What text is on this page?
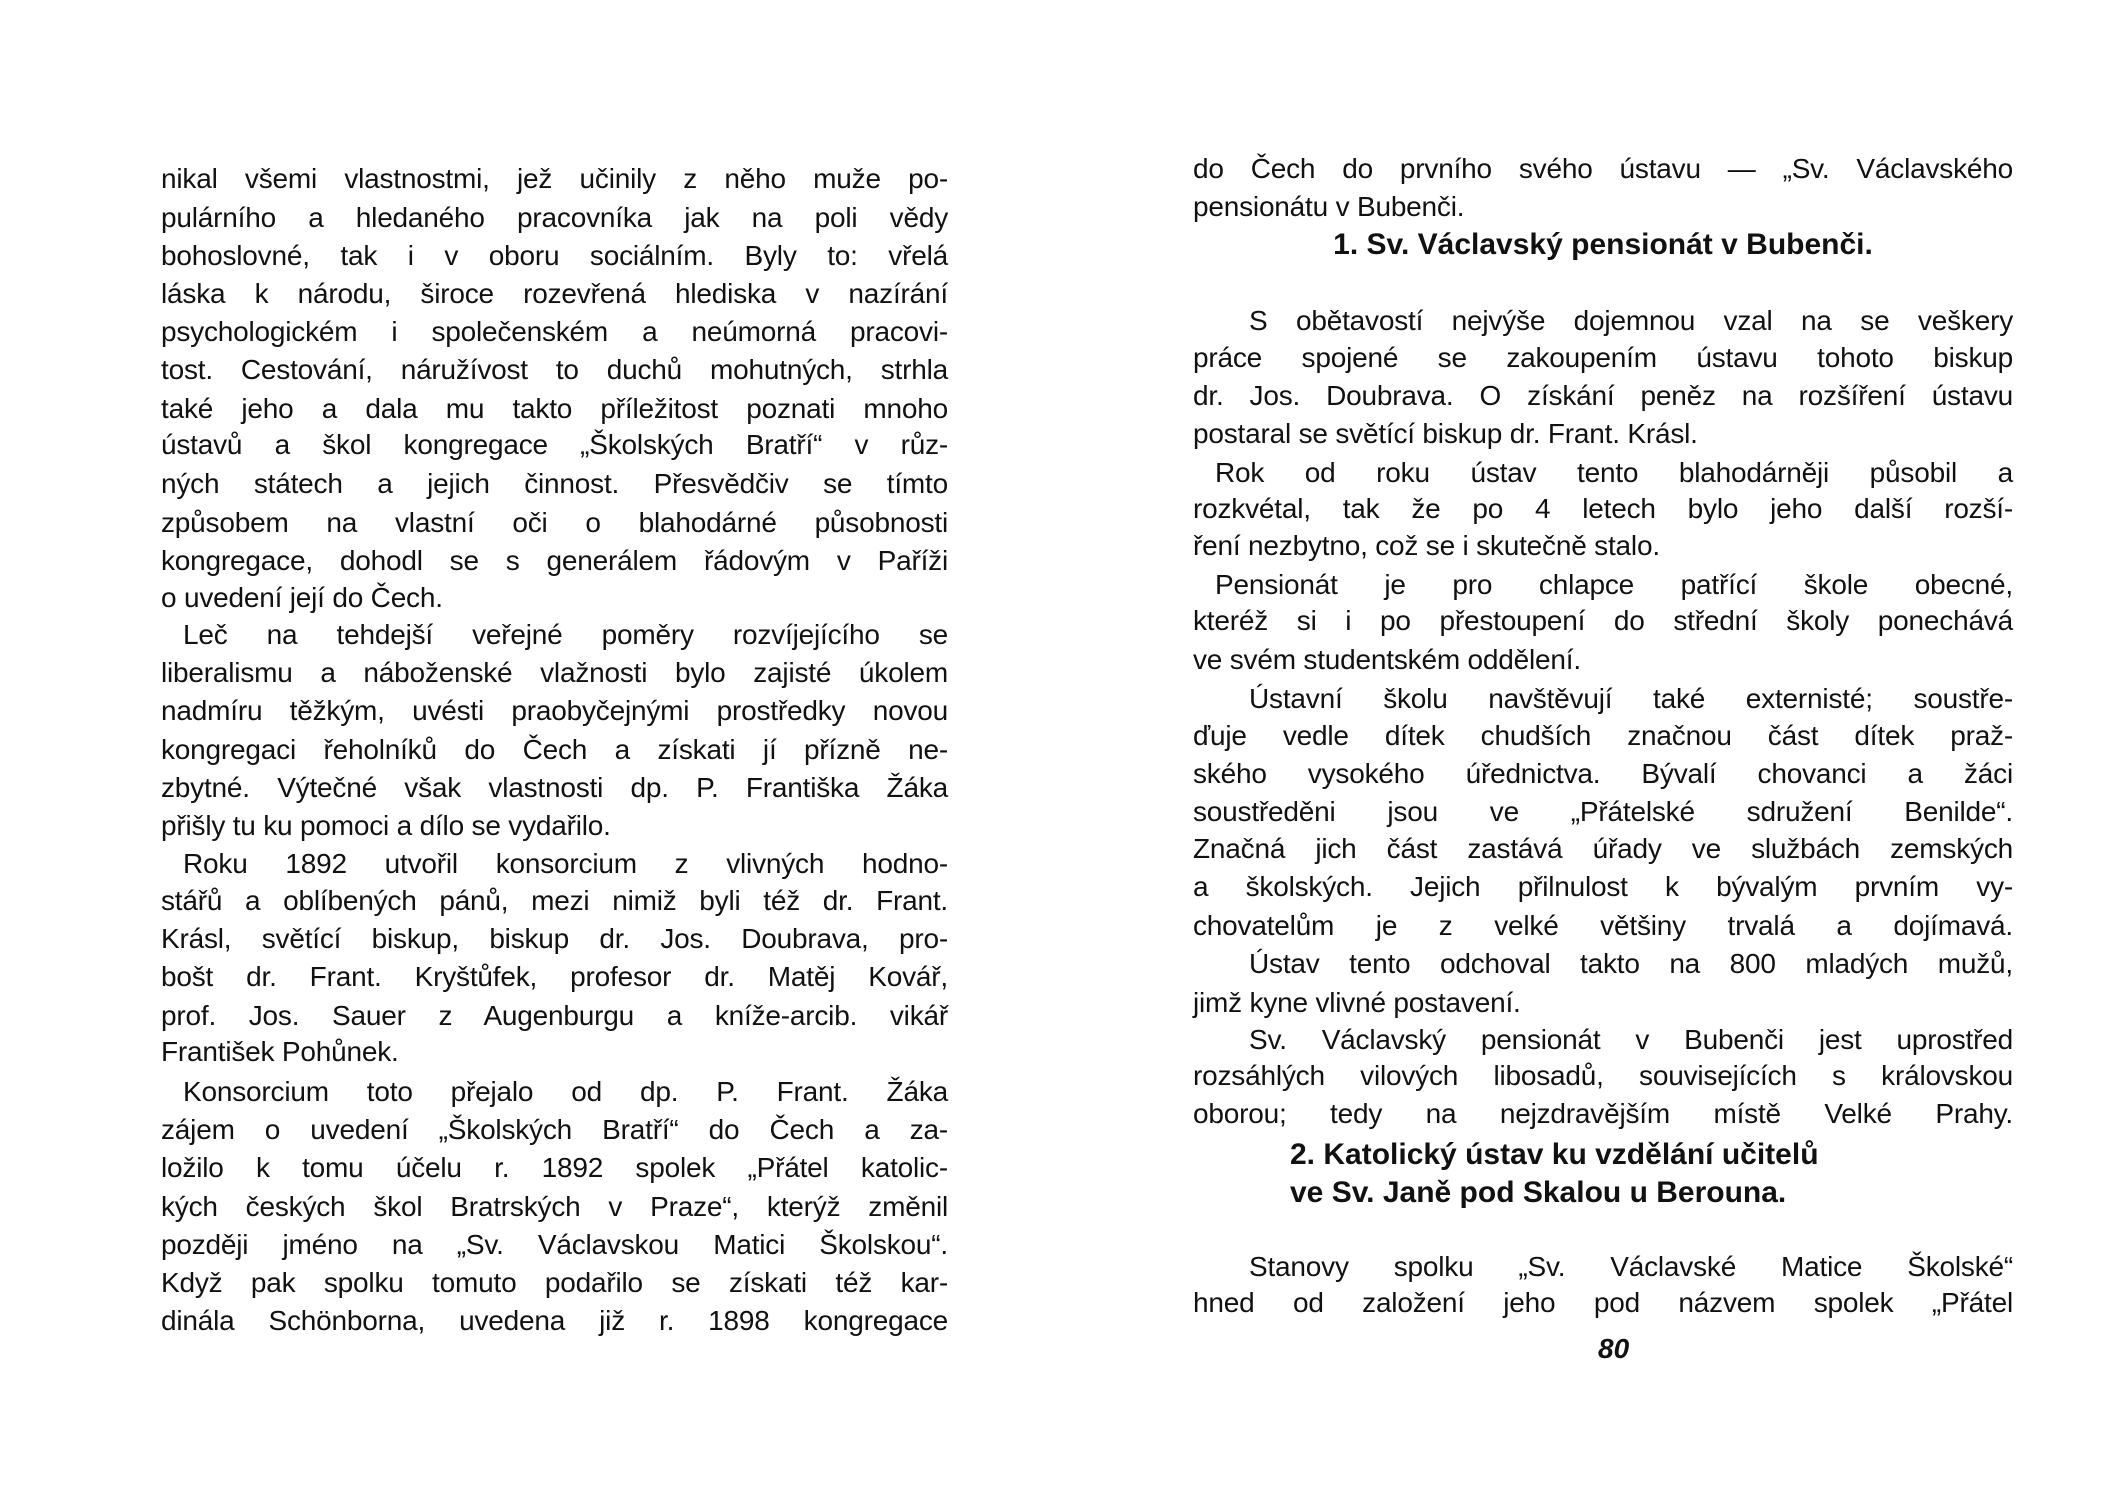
nikal všemi vlastnostmi, jež učinily z něho muže po-
pulárního a hledaného pracovníka jak na poli vědy
bohoslovné, tak i v oboru sociálním. Byly to: vřelá
láska k národu, široce rozevřená hlediska v nazírání
psychologickém i společenském a neúmorná pracovi-
tost. Cestování, náružívost to duchů mohutných, strhla
také jeho a dala mu takto příležitost poznati mnoho
ústavů a škol kongregace „Školských Bratří“ v růz-
ných státech a jejich činnost. Přesvědčiv se tímto
způsobem na vlastní oči o blahodárné působnosti
kongregace, dohodl se s generálem řádovým v Paříži
o uvedení její do Čech.
Leč na tehdejší veřejné poměry rozvíjejícího se
liberalismu a náboženské vlažnosti bylo zajisté úkolem
nadmíru těžkým, uvésti praobyčejnými prostředky novou
kongregaci řeholníků do Čech a získati jí přízně ne-
zbytné. Výtečné však vlastnosti dp. P. Františka Žáka
přišly tu ku pomoci a dílo se vydařilo.
Roku 1892 utvořil konsorcium z vlivných hodno-
stářů a oblíbených pánů, mezi nimiž byli též dr. Frant.
Krásl, světící biskup, biskup dr. Jos. Doubrava, pro-
bošt dr. Frant. Kryštůfek, profesor dr. Matěj Kovář,
prof. Jos. Sauer z Augenburgu a kníže-arcib. vikář
František Pohůnek.
Konsorcium toto přejalo od dp. P. Frant. Žáka
zájem o uvedení „Školských Bratří“ do Čech a za-
ložilo k tomu účelu r. 1892 spolek „Přátel katolic-
kých českých škol Bratrských v Praze“, kterýž změnil
později jméno na „Sv. Václavskou Matici Školskou“.
Když pak spolku tomuto podařilo se získati též kar-
dinála Schönborna, uvedena již r. 1898 kongregace
do Čech do prvního svého ústavu — „Sv. Václavského
pensionátu v Bubenči.
1. Sv. Václavský pensionát v Bubenči.
S obětavostí nejvýše dojemnou vzal na se veškery
práce spojené se zakoupením ústavu tohoto biskup
dr. Jos. Doubrava. O získání peněz na rozšíření ústavu
postaral se světící biskup dr. Frant. Krásl.
Rok od roku ústav tento blahodárněji působil a
rozkvétal, tak že po 4 letech bylo jeho další rozší-
ření nezbytno, což se i skutečně stalo.
Pensionát je pro chlapce patřící škole obecné,
kteréž si i po přestoupení do střední školy ponechává
ve svém studentském oddělení.
Ústavní školu navštěvují také externisté; soustře-
ďuje vedle dítek chudších značnou část dítek praž-
ského vysokého úřednictva. Bývalí chovanci a žáci
soustředěni jsou ve „Přátelské sdružení Benilde“.
Značná jich část zastává úřady ve službách zemských
a školských. Jejich přilnulost k bývalým prvním vy-
chovatelům je z velké většiny trvalá a dojímavá.
Ústav tento odchoval takto na 800 mladých mužů,
jimž kyne vlivné postavení.
Sv. Václavský pensionát v Bubenči jest uprostřed
rozsáhlých vilových libosadů, souvisejících s královskou
oborou; tedy na nejzdravějším místě Velké Prahy.
2. Katolický ústav ku vzdělání učitelů
ve Sv. Janě pod Skalou u Berouna.
Stanovy spolku „Sv. Václavské Matice Školské“
hned od založení jeho pod názvem spolek „Přátel
80
